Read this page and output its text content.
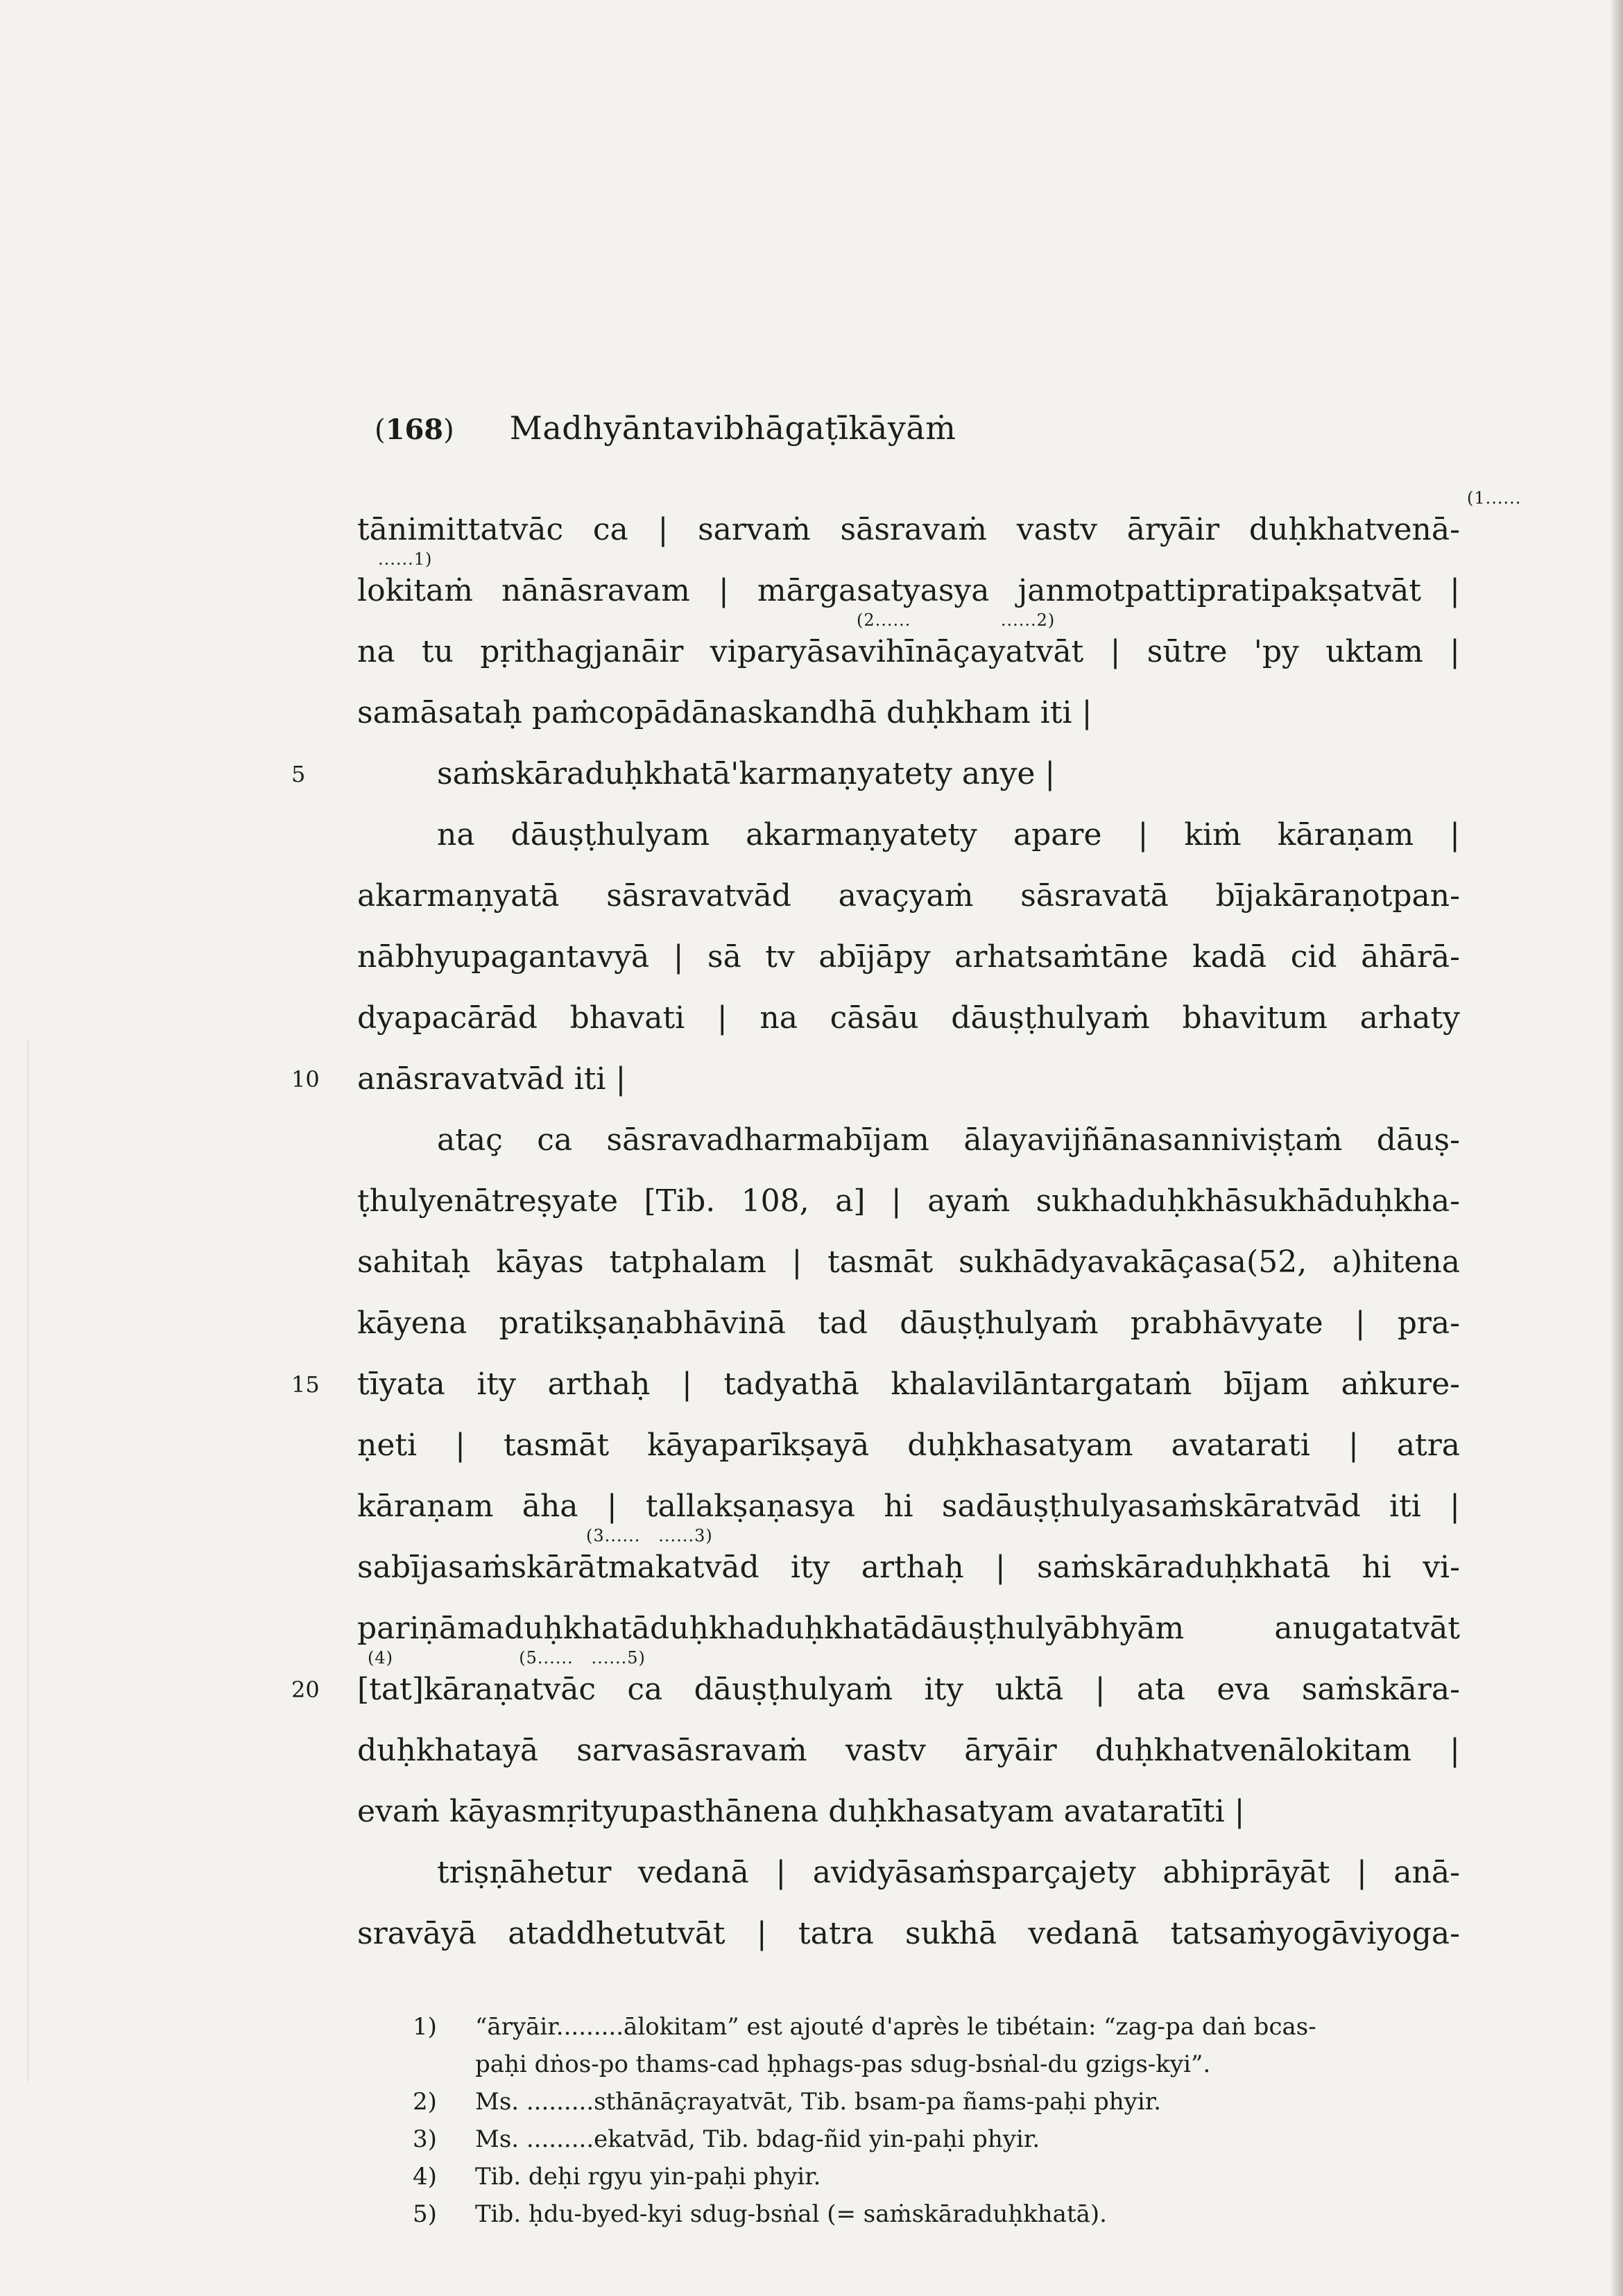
(168) Madhyāntavibhāgaṭīkāyāṁ
tānimittatvāc ca | sarvaṁ sāsravaṁ vastv āryāir duḥkhatvenā-
(1......
lokitaṁ nānāsravam | mārgasatyasya janmotpattipratipakṣatvāt |
......1)
na tu pṛithagjanāir viparyāsavihīnāçayatvāt | sūtre 'py uktam |
(2......               ......2)
samāsataḥ paṁcopādānaskandhā duḥkham iti |
saṁskāraduḥkhatā'karmaṇyatety anye |
5
na dāuṣṭhulyam akarmaṇyatety apare | kiṁ kāraṇam |
akarmaṇyatā sāsravatvād avaçyaṁ sāsravatā bījakāraṇotpan-
nābhyupagantavyā | sā tv abījāpy arhatsaṁtāne kadā cid āhārā-
dyapacārād bhavati | na cāsāu dāuṣṭhulyaṁ bhavitum arhaty
anāsravatvād iti |
10
ataç ca sāsravadharmabījam ālayavijñānasanniviṣṭaṁ dāuṣ-
ṭhulyenātreṣyate [Tib. 108, a] | ayaṁ sukhaduḥkhāsukhāduḥkha-
sahitaḥ kāyas tatphalam | tasmāt sukhādyavakāçasa(52, a)hitena
kāyena pratikṣaṇabhāvinā tad dāuṣṭhulyaṁ prabhāvyate | pra-
tīyata ity arthaḥ | tadyathā khalavilāntargataṁ bījam aṅkure-
15
ṇeti | tasmāt kāyaparīkṣayā duḥkhasatyam avatarati | atra
kāraṇam āha | tallakṣaṇasya hi sadāuṣṭhulyasaṁskāratvād iti |
sabījasaṁskārātmakatvād ity arthaḥ | saṁskāraduḥkhatā hi vi-
(3......   ......3)
pariṇāmaduḥkhatāduḥkhaduḥkhatādāuṣṭhulyābhyām anugatatvāt
[tat]kāraṇatvāc ca dāuṣṭhulyaṁ ity uktā | ata eva saṁskāra-
20
(4)                     (5......   ......5)
duḥkhatayā sarvasāsravaṁ vastv āryāir duḥkhatvenālokitam |
evaṁ kāyasmṛityupasthānena duḥkhasatyam avataratīti |
triṣṇāhetur vedanā | avidyāsaṁsparçajety abhiprāyāt | anā-
sravāyā ataddhetutvāt | tatra sukhā vedanā tatsaṁyogāviyoga-
1)	“āryāir.........ālokitam” est ajouté d'après le tibétain: “zag-pa daṅ bcas-
paḥi dṅos-po thams-cad ḥphags-pas sdug-bsṅal-du gzigs-kyi”.
2)	Ms. .........sthānāçrayatvāt, Tib. bsam-pa ñams-paḥi phyir.
3)	Ms. .........ekatvād, Tib. bdag-ñid yin-paḥi phyir.
4)	Tib. deḥi rgyu yin-paḥi phyir.
5)	Tib. ḥdu-byed-kyi sdug-bsṅal (= saṁskāraduḥkhatā).
